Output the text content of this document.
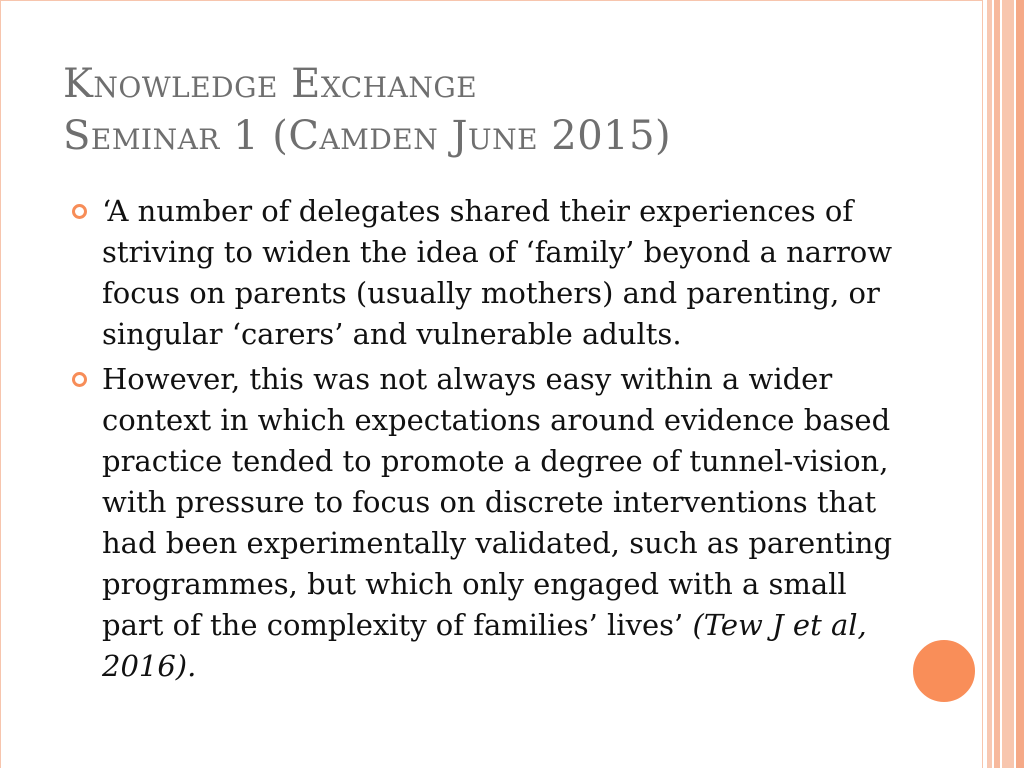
Knowledge Exchange
Seminar 1 (Camden June 2015)
‘A number of delegates shared their experiences of striving to widen the idea of ‘family’ beyond a narrow focus on parents (usually mothers) and parenting, or singular ‘carers’ and vulnerable adults.
However, this was not always easy within a wider context in which expectations around evidence based practice tended to promote a degree of tunnel-vision, with pressure to focus on discrete interventions that had been experimentally validated, such as parenting programmes, but which only engaged with a small part of the complexity of families’ lives’ (Tew J et al, 2016).
